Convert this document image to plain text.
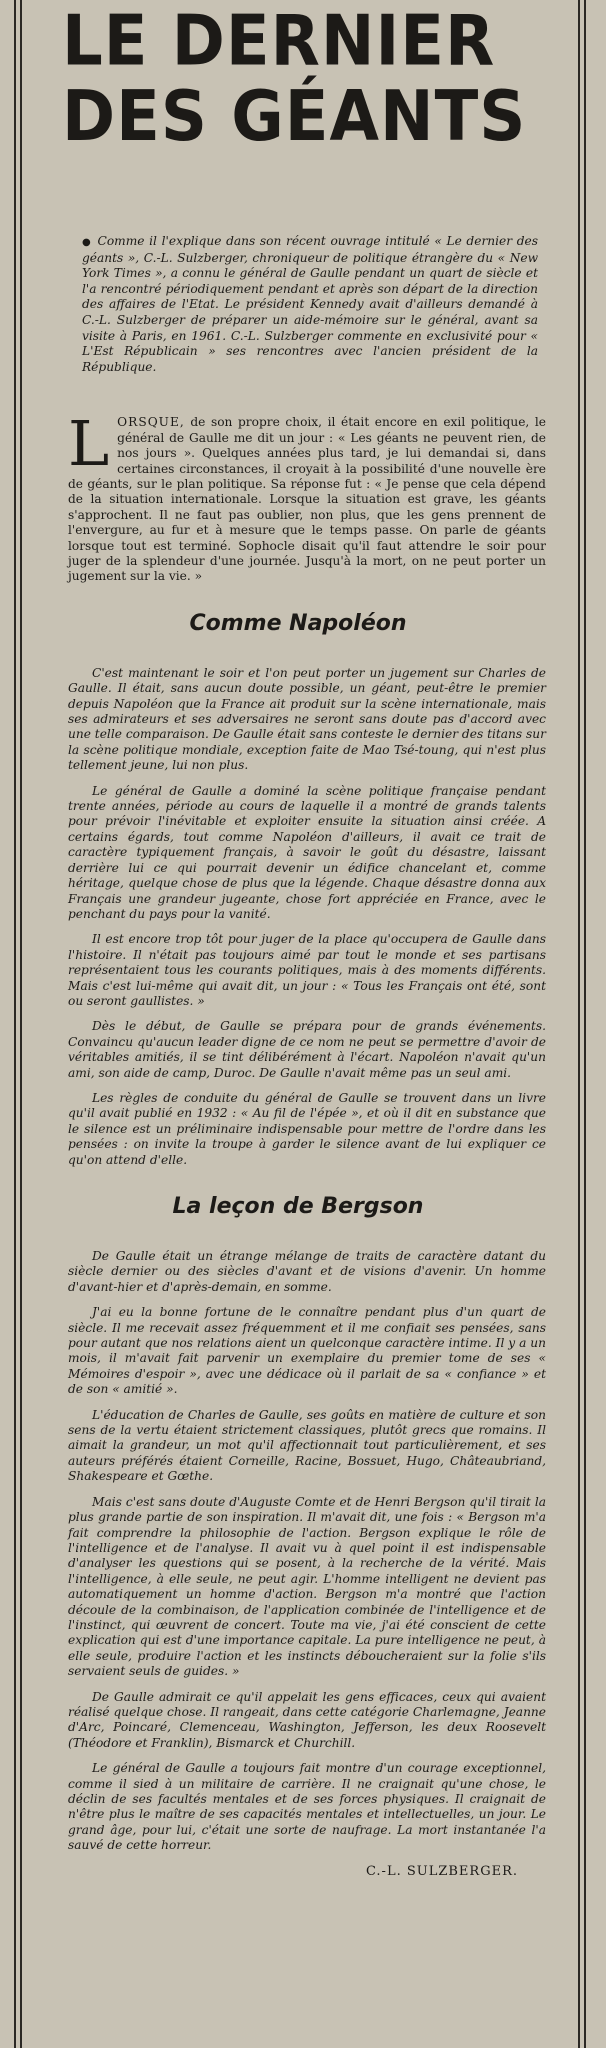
LE DERNIER
DES GÉANTS
● Comme il l'explique dans son récent ouvrage intitulé « Le dernier des géants », C.-L. Sulzberger, chroniqueur de politique étrangère du « New York Times », a connu le général de Gaulle pendant un quart de siècle et l'a rencontré périodiquement pendant et après son départ de la direction des affaires de l'Etat. Le président Kennedy avait d'ailleurs demandé à C.-L. Sulzberger de préparer un aide-mémoire sur le général, avant sa visite à Paris, en 1961. C.-L. Sulzberger commente en exclusivité pour « L'Est Républicain » ses rencontres avec l'ancien président de la République.

LORSQUE, de son propre choix, il était encore en exil politique, le général de Gaulle me dit un jour : « Les géants ne peuvent rien, de nos jours ». Quelques années plus tard, je lui demandai si, dans certaines circonstances, il croyait à la possibilité d'une nouvelle ère de géants, sur le plan politique. Sa réponse fut : « Je pense que cela dépend de la situation internationale. Lorsque la situation est grave, les géants s'approchent. Il ne faut pas oublier, non plus, que les gens prennent de l'envergure, au fur et à mesure que le temps passe. On parle de géants lorsque tout est terminé. Sophocle disait qu'il faut attendre le soir pour juger de la splendeur d'une journée. Jusqu'à la mort, on ne peut porter un jugement sur la vie. »

Comme Napoléon

C'est maintenant le soir et l'on peut porter un jugement sur Charles de Gaulle. Il était, sans aucun doute possible, un géant, peut-être le premier depuis Napoléon que la France ait produit sur la scène internationale, mais ses admirateurs et ses adversaires ne seront sans doute pas d'accord avec une telle comparaison. De Gaulle était sans conteste le dernier des titans sur la scène politique mondiale, exception faite de Mao Tsé-toung, qui n'est plus tellement jeune, lui non plus.

Le général de Gaulle a dominé la scène politique française pendant trente années, période au cours de laquelle il a montré de grands talents pour prévoir l'inévitable et exploiter ensuite la situation ainsi créée. A certains égards, tout comme Napoléon d'ailleurs, il avait ce trait de caractère typiquement français, à savoir le goût du désastre, laissant derrière lui ce qui pourrait devenir un édifice chancelant et, comme héritage, quelque chose de plus que la légende. Chaque désastre donna aux Français une grandeur jugeante, chose fort appréciée en France, avec le penchant du pays pour la vanité.

Il est encore trop tôt pour juger de la place qu'occupera de Gaulle dans l'histoire. Il n'était pas toujours aimé par tout le monde et ses partisans représentaient tous les courants politiques, mais à des moments différents. Mais c'est lui-même qui avait dit, un jour : « Tous les Français ont été, sont ou seront gaullistes. »

Dès le début, de Gaulle se prépara pour de grands événements. Convaincu qu'aucun leader digne de ce nom ne peut se permettre d'avoir de véritables amitiés, il se tint délibérément à l'écart. Napoléon n'avait qu'un ami, son aide de camp, Duroc. De Gaulle n'avait même pas un seul ami.

Les règles de conduite du général de Gaulle se trouvent dans un livre qu'il avait publié en 1932 : « Au fil de l'épée », et où il dit en substance que le silence est un préliminaire indispensable pour mettre de l'ordre dans les pensées : on invite la troupe à garder le silence avant de lui expliquer ce qu'on attend d'elle.

La leçon de Bergson

De Gaulle était un étrange mélange de traits de caractère datant du siècle dernier ou des siècles d'avant et de visions d'avenir. Un homme d'avant-hier et d'après-demain, en somme.

J'ai eu la bonne fortune de le connaître pendant plus d'un quart de siècle. Il me recevait assez fréquemment et il me confiait ses pensées, sans pour autant que nos relations aient un quelconque caractère intime. Il y a un mois, il m'avait fait parvenir un exemplaire du premier tome de ses « Mémoires d'espoir », avec une dédicace où il parlait de sa « confiance » et de son « amitié ».

L'éducation de Charles de Gaulle, ses goûts en matière de culture et son sens de la vertu étaient strictement classiques, plutôt grecs que romains. Il aimait la grandeur, un mot qu'il affectionnait tout particulièrement, et ses auteurs préférés étaient Corneille, Racine, Bossuet, Hugo, Châteaubriand, Shakespeare et Gœthe.

Mais c'est sans doute d'Auguste Comte et de Henri Bergson qu'il tirait la plus grande partie de son inspiration. Il m'avait dit, une fois : « Bergson m'a fait comprendre la philosophie de l'action. Bergson explique le rôle de l'intelligence et de l'analyse. Il avait vu à quel point il est indispensable d'analyser les questions qui se posent, à la recherche de la vérité. Mais l'intelligence, à elle seule, ne peut agir. L'homme intelligent ne devient pas automatiquement un homme d'action. Bergson m'a montré que l'action découle de la combinaison, de l'application combinée de l'intelligence et de l'instinct, qui œuvrent de concert. Toute ma vie, j'ai été conscient de cette explication qui est d'une importance capitale. La pure intelligence ne peut, à elle seule, produire l'action et les instincts déboucheraient sur la folie s'ils servaient seuls de guides. »

De Gaulle admirait ce qu'il appelait les gens efficaces, ceux qui avaient réalisé quelque chose. Il rangeait, dans cette catégorie Charlemagne, Jeanne d'Arc, Poincaré, Clemenceau, Washington, Jefferson, les deux Roosevelt (Théodore et Franklin), Bismarck et Churchill.

Le général de Gaulle a toujours fait montre d'un courage exceptionnel, comme il sied à un militaire de carrière. Il ne craignait qu'une chose, le déclin de ses facultés mentales et de ses forces physiques. Il craignait de n'être plus le maître de ses capacités mentales et intellectuelles, un jour. Le grand âge, pour lui, c'était une sorte de naufrage. La mort instantanée l'a sauvé de cette horreur.

C.-L. SULZBERGER.
